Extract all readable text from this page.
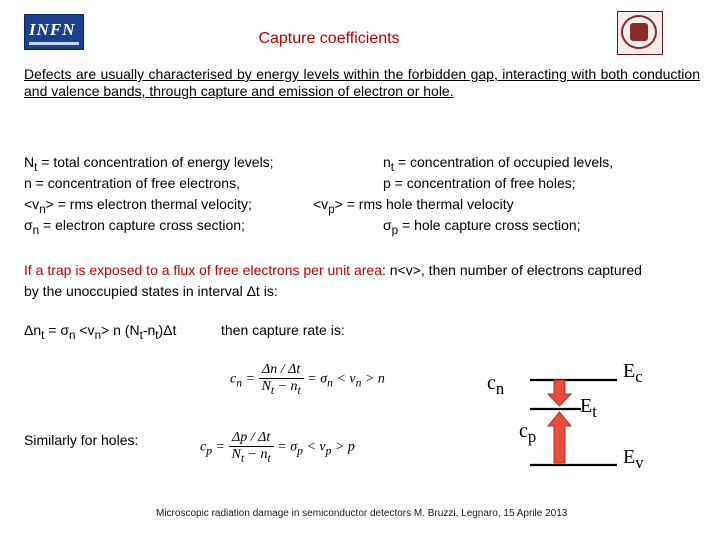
INFN	Capture coefficients
Defects are usually characterised by energy levels within the forbidden gap, interacting with both conduction and valence bands, through capture and emission of electron or hole.
$N_t$ = total concentration of energy levels;	$n_t$ = concentration of occupied levels,
n = concentration of free electrons,	p = concentration of free holes;
$<v_n>$ = rms electron thermal velocity;	$<v_p>$ = rms hole thermal velocity
$\sigma_n$ = electron capture cross section;	$\sigma_p$ = hole capture cross section;
If a trap is exposed to a flux of free electrons per unit area: n<v>, then number of electrons captured by the unoccupied states in interval Δt is:
$\Delta n_t = \sigma_n <v_n> n$ $(N_t-n_t)\Delta t$	then capture rate is:
$c_n = \frac{\Delta n / \Delta t}{N_t - n_t} = \sigma_n < v_n > n$
Similarly for holes:	$c_p = \frac{\Delta p / \Delta t}{N_t - n_t} = \sigma_p < v_p > p$
$c_n$
$c_p$
$E_c$
$E_t$
$E_v$
Microscopic radiation damage in semiconductor detectors M. Bruzzi, Legnaro, 15 Aprile 2013
